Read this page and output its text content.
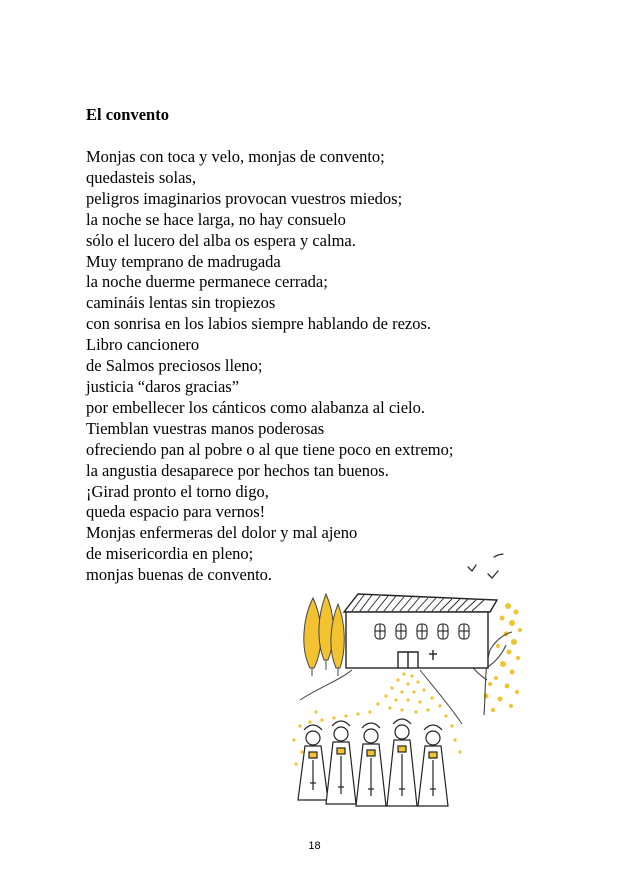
El convento
Monjas con toca y velo, monjas de convento;
quedasteis solas,
peligros imaginarios provocan vuestros miedos;
la noche se hace larga, no hay consuelo
sólo el lucero del alba os espera y calma.
Muy temprano de madrugada
la noche duerme permanece cerrada;
camináis lentas sin tropiezos
con sonrisa en los labios siempre hablando de rezos.
Libro cancionero
de Salmos preciosos lleno;
justicia “daros gracias”
por embellecer los cánticos como alabanza al cielo.
Tiemblan vuestras manos poderosas
ofreciendo pan al pobre o al que tiene poco en extremo;
la angustia desaparece por hechos tan buenos.
¡Girad pronto el torno digo,
queda espacio para vernos!
Monjas enfermeras del dolor y mal ajeno
de misericordia en pleno;
monjas buenas de convento.
18
